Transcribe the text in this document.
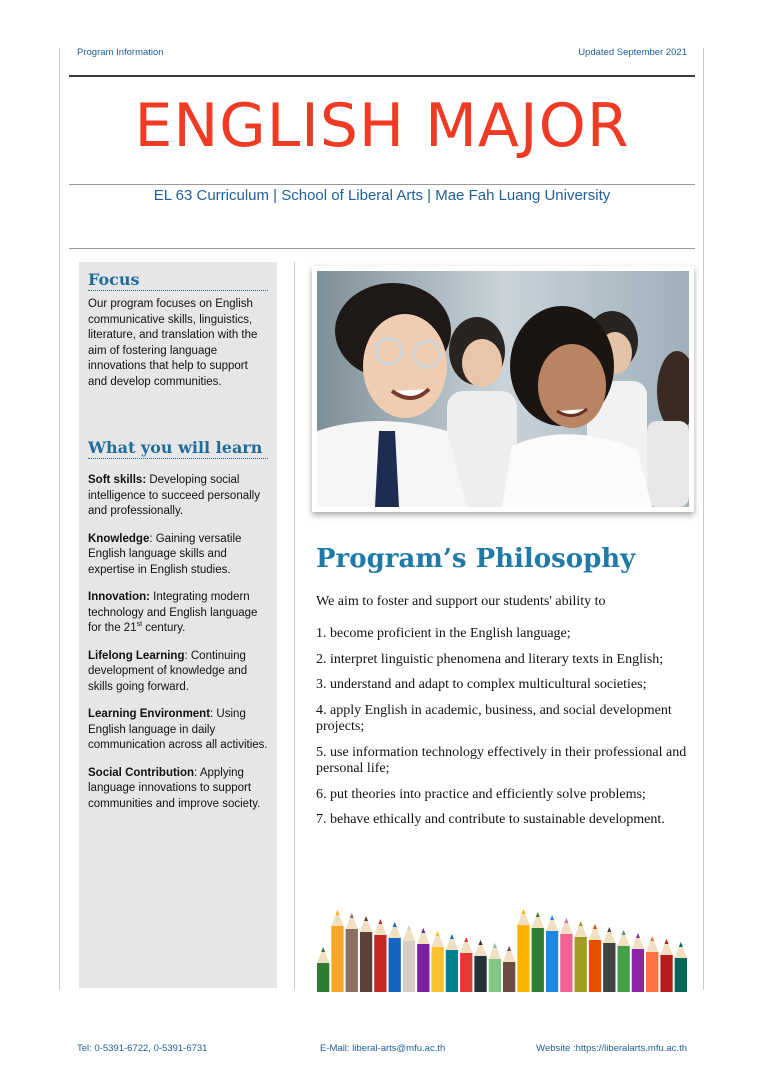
Program Information	Updated September 2021
ENGLISH MAJOR
EL 63 Curriculum | School of Liberal Arts | Mae Fah Luang University
Focus

Our program focuses on English communicative skills, linguistics, literature, and translation with the aim of fostering language innovations that help to support and develop communities.

What you will learn

Soft skills: Developing social intelligence to succeed personally and professionally.

Knowledge: Gaining versatile English language skills and expertise in English studies.

Innovation: Integrating modern technology and English language for the 21st century.

Lifelong Learning: Continuing development of knowledge and skills going forward.

Learning Environment: Using English language in daily communication across all activities.

Social Contribution: Applying language innovations to support communities and improve society.

Program’s Philosophy

We aim to foster and support our students' ability to

1. become proficient in the English language;
2. interpret linguistic phenomena and literary texts in English;
3. understand and adapt to complex multicultural societies;
4. apply English in academic, business, and social development projects;
5. use information technology effectively in their professional and personal life;
6. put theories into practice and efficiently solve problems;
7. behave ethically and contribute to sustainable development.
Tel: 0-5391-6722, 0-5391-6731	E-Mail: liberal-arts@mfu.ac.th	Website :https://liberalarts.mfu.ac.th
